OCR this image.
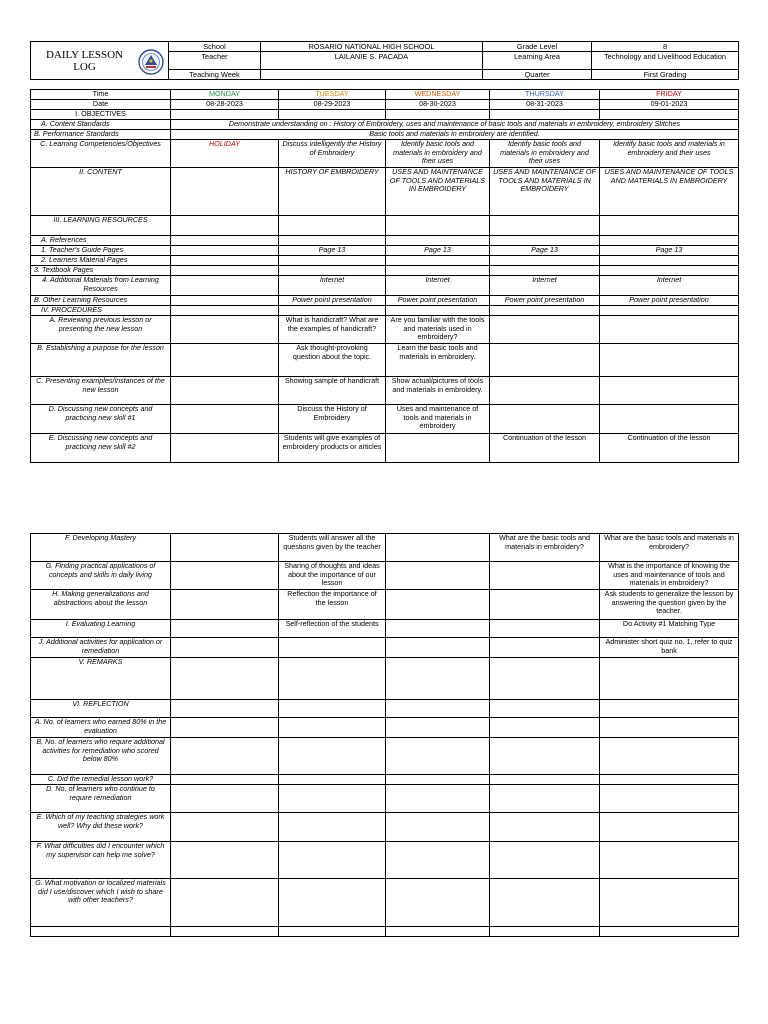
DAILY LESSON
LOG	School	ROSARIO NATIONAL HIGH SCHOOL	Grade Level	8
	Teacher	LAILANIE S. PACADA	Learning Area	Technology and Livelihood Education
	Teaching Week		Quarter	First Grading
Time	MONDAY	TUESDAY	WEDNESDAY	THURSDAY	FRIDAY
Date	08-28-2023	08-29-2023	08-30-2023	08-31-2023	09-01-2023
I. OBJECTIVES					
A. Content Standards	Demonstrate understanding on : History of Embroidery, uses and maintenance of basic tools and materials in embroidery, embroidery Stitches				
B. Performance Standards	Basic tools and materials in embroidery are identified.				
C. Learning Competencies/Objectives	HOLIDAY	Discuss intelligently the History of Embroidery	Identify basic tools and materials in embroidery and their uses	Identify basic tools and materials in embroidery and their uses	Identify basic tools and materials in embroidery and their uses
II. CONTENT		HISTORY OF EMBROIDERY	USES AND MAINTENANCE OF TOOLS AND MATERIALS IN EMBROIDERY	USES AND MAINTENANCE OF TOOLS AND MATERIALS IN EMBROIDERY	USES AND MAINTENANCE OF TOOLS AND MATERIALS IN EMBROIDERY
III. LEARNING RESOURCES					
A. References					
1. Teacher's Guide Pages		Page 13	Page 13	Page 13	Page 13
2. Learners Material Pages					
3. Textbook Pages					
4. Additional Materials from Learning Resources		Internet	Internet	Internet	Internet
B. Other Learning Resources		Power point presentation	Power point presentation	Power point presentation	Power point presentation
IV. PROCEDURES					
A. Reviewing previous lesson or presenting the new lesson		What is handicraft? What are the examples of handicraft?	Are you familiar with the tools and materials used in embroidery?		
B. Establishing a purpose for the lesson		Ask thought-provoking question about the topic.	Learn the basic tools and materials in embroidery.		
C. Presenting examples/instances of the new lesson		Showing sample of handicraft	Show actual/pictures of tools and materials in embroidery.		
D. Discussing new concepts and practicing new skill #1		Discuss the History of Embroidery	Uses and maintenance of tools and materials in embroidery		
E. Discussing new concepts and practicing new skill #2		Students will give examples of embroidery products or articles		Continuation of the lesson	Continuation of the lesson
F. Developing Mastery		Students will answer all the questions given by the teacher		What are the basic tools and materials in embroidery?	What are the basic tools and materials in embroidery?
G. Finding practical applications of concepts and skills in daily living		Sharing of thoughts and ideas about the importance of our lesson			What is the importance of knowing the uses and maintenance of tools and materials in embroidery?
H. Making generalizations and abstractions about the lesson		Reflection the importance of the lesson			Ask students to generalize the lesson by answering the question given by the teacher.
I. Evaluating Learning		Self-reflection of the students			Do Activity #1 Matching Type
J. Additional activities for application or remediation					Administer short quiz no. 1, refer to quiz bank
V. REMARKS					
VI. REFLECTION					
A. No. of learners who earned 80% in the evaluation					
B. No. of learners who require additional activities for remediation who scored below 80%					
C. Did the remedial lesson work?					
D. No. of learners who continue to require remediation					
E. Which of my teaching strategies work well? Why did these work?					
F. What difficulties did I encounter which my supervisor can help me solve?					
G. What motivation or localized materials did I use/discover which I wish to share with other teachers?					
